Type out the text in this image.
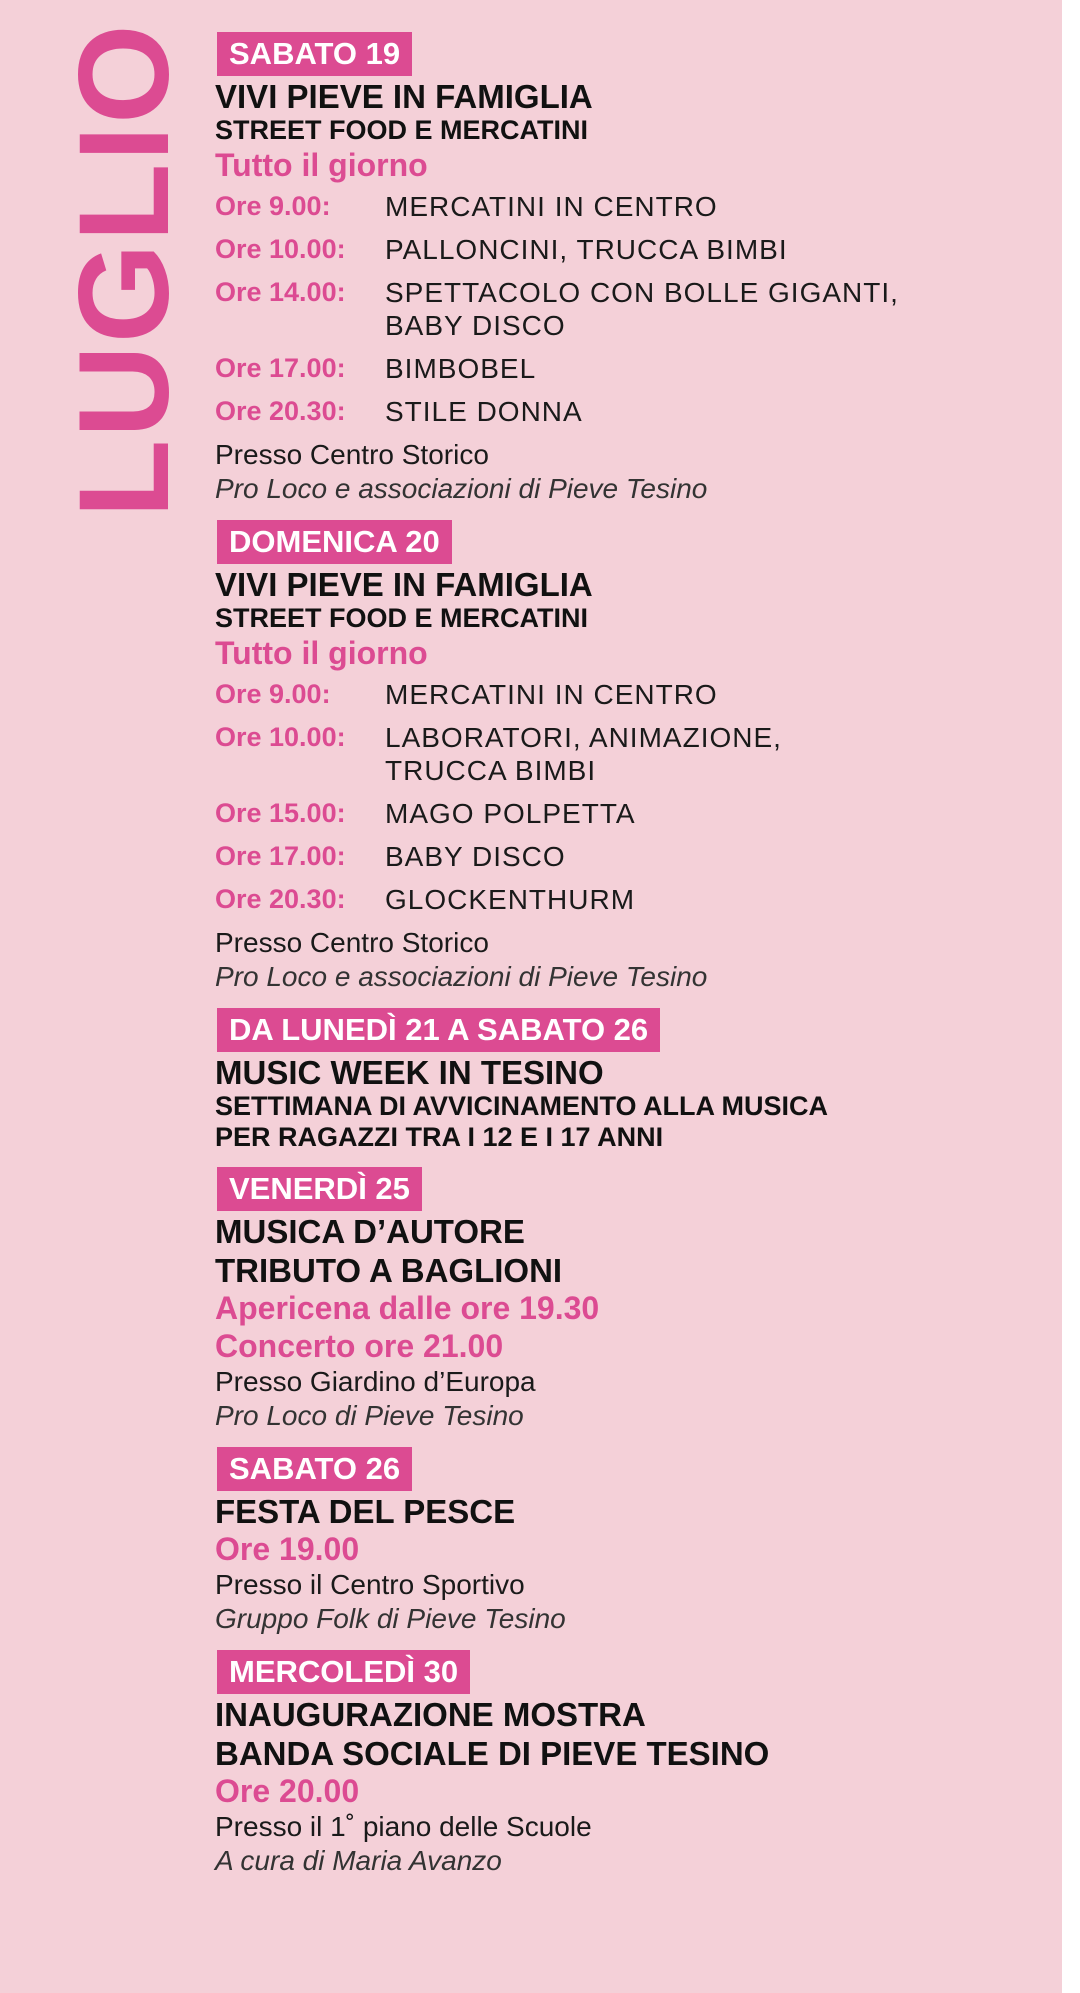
LUGLIO	SABATO 19
VIVI PIEVE IN FAMIGLIA
STREET FOOD E MERCATINI
Tutto il giorno
Ore 9.00:	MERCATINI IN CENTRO
Ore 10.00:	PALLONCINI, TRUCCA BIMBI
Ore 14.00:	SPETTACOLO CON BOLLE GIGANTI,
BABY DISCO
Ore 17.00:	BIMBOBEL
Ore 20.30:	STILE DONNA
Presso Centro Storico
Pro Loco e associazioni di Pieve Tesino
DOMENICA 20
VIVI PIEVE IN FAMIGLIA
STREET FOOD E MERCATINI
Tutto il giorno
Ore 9.00:	MERCATINI IN CENTRO
Ore 10.00:	LABORATORI, ANIMAZIONE,
TRUCCA BIMBI
Ore 15.00:	MAGO POLPETTA
Ore 17.00:	BABY DISCO
Ore 20.30:	GLOCKENTHURM
Presso Centro Storico
Pro Loco e associazioni di Pieve Tesino
DA LUNEDÌ 21 A SABATO 26
MUSIC WEEK IN TESINO
SETTIMANA DI AVVICINAMENTO ALLA MUSICA
PER RAGAZZI TRA I 12 E I 17 ANNI
VENERDÌ 25
MUSICA D’AUTORE
TRIBUTO A BAGLIONI
Apericena dalle ore 19.30
Concerto ore 21.00
Presso Giardino d’Europa
Pro Loco di Pieve Tesino
SABATO 26
FESTA DEL PESCE
Ore 19.00
Presso il Centro Sportivo
Gruppo Folk di Pieve Tesino
MERCOLEDÌ 30
INAUGURAZIONE MOSTRA
BANDA SOCIALE DI PIEVE TESINO
Ore 20.00
Presso il 1˚ piano delle Scuole
A cura di Maria Avanzo
